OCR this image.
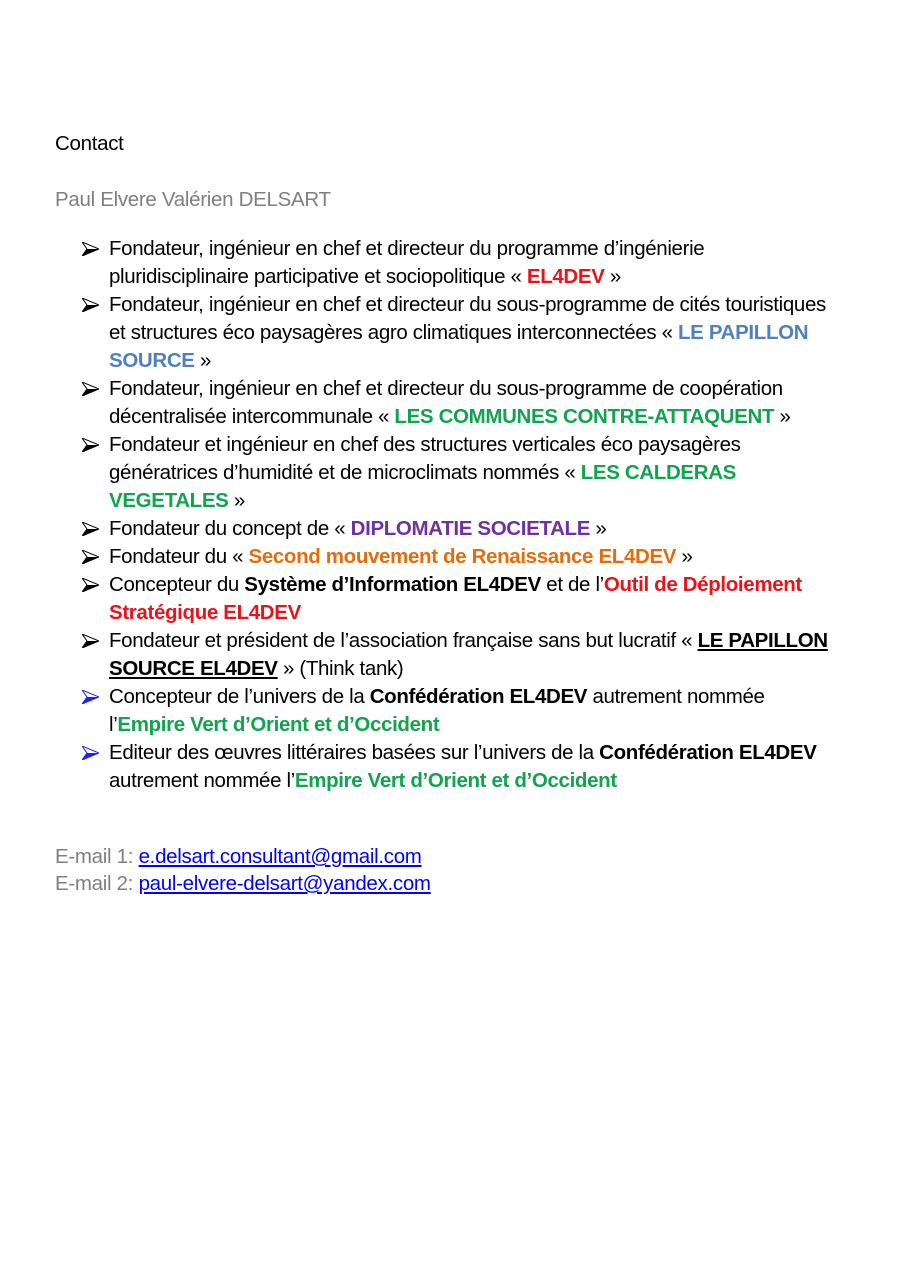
Contact
Paul Elvere Valérien DELSART
Fondateur, ingénieur en chef et directeur du programme d’ingénierie pluridisciplinaire participative et sociopolitique « EL4DEV »
Fondateur, ingénieur en chef et directeur du sous-programme de cités touristiques et structures éco paysagères agro climatiques interconnectées « LE PAPILLON SOURCE »
Fondateur, ingénieur en chef et directeur du sous-programme de coopération décentralisée intercommunale « LES COMMUNES CONTRE-ATTAQUENT »
Fondateur et ingénieur en chef des structures verticales éco paysagères génératrices d’humidité et de microclimats nommés « LES CALDERAS VEGETALES »
Fondateur du concept de « DIPLOMATIE SOCIETALE »
Fondateur du « Second mouvement de Renaissance EL4DEV »
Concepteur du Système d’Information EL4DEV et de l’Outil de Déploiement Stratégique EL4DEV
Fondateur et président de l’association française sans but lucratif « LE PAPILLON SOURCE EL4DEV » (Think tank)
Concepteur de l’univers de la Confédération EL4DEV autrement nommée l’Empire Vert d’Orient et d’Occident
Editeur des œuvres littéraires basées sur l’univers de la Confédération EL4DEV autrement nommée l’Empire Vert d’Orient et d’Occident
E-mail 1: e.delsart.consultant@gmail.com
E-mail 2: paul-elvere-delsart@yandex.com
